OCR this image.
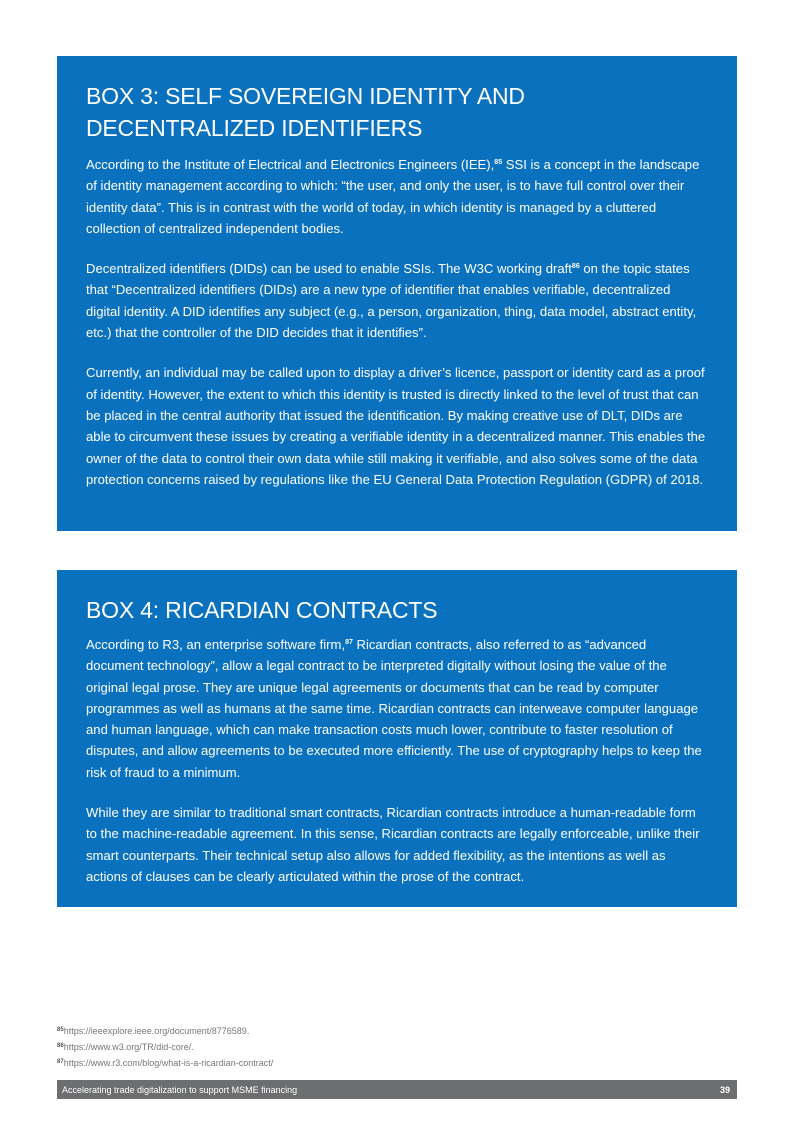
BOX 3: SELF SOVEREIGN IDENTITY AND
DECENTRALIZED IDENTIFIERS

According to the Institute of Electrical and Electronics Engineers (IEE),$^{85}$ SSI is a concept in the landscape of identity management according to which: “the user, and only the user, is to have full control over their identity data”. This is in contrast with the world of today, in which identity is managed by a cluttered collection of centralized independent bodies.

Decentralized identifiers (DIDs) can be used to enable SSIs. The W3C working draft$^{86}$ on the topic states that “Decentralized identifiers (DIDs) are a new type of identifier that enables verifiable, decentralized digital identity. A DID identifies any subject (e.g., a person, organization, thing, data model, abstract entity, etc.) that the controller of the DID decides that it identifies”.

Currently, an individual may be called upon to display a driver’s licence, passport or identity card as a proof of identity. However, the extent to which this identity is trusted is directly linked to the level of trust that can be placed in the central authority that issued the identification. By making creative use of DLT, DIDs are able to circumvent these issues by creating a verifiable identity in a decentralized manner. This enables the owner of the data to control their own data while still making it verifiable, and also solves some of the data protection concerns raised by regulations like the EU General Data Protection Regulation (GDPR) of 2018.

BOX 4: RICARDIAN CONTRACTS

According to R3, an enterprise software firm,$^{87}$ Ricardian contracts, also referred to as “advanced document technology”, allow a legal contract to be interpreted digitally without losing the value of the original legal prose. They are unique legal agreements or documents that can be read by computer programmes as well as humans at the same time. Ricardian contracts can interweave computer language and human language, which can make transaction costs much lower, contribute to faster resolution of disputes, and allow agreements to be executed more efficiently. The use of cryptography helps to keep the risk of fraud to a minimum.

While they are similar to traditional smart contracts, Ricardian contracts introduce a human-readable form to the machine-readable agreement. In this sense, Ricardian contracts are legally enforceable, unlike their smart counterparts. Their technical setup also allows for added flexibility, as the intentions as well as actions of clauses can be clearly articulated within the prose of the contract.

$^{85}$https://ieeexplore.ieee.org/document/8776589.
$^{86}$https://www.w3.org/TR/did-core/.
$^{87}$https://www.r3.com/blog/what-is-a-ricardian-contract/
Accelerating trade digitalization to support MSME financing	39
